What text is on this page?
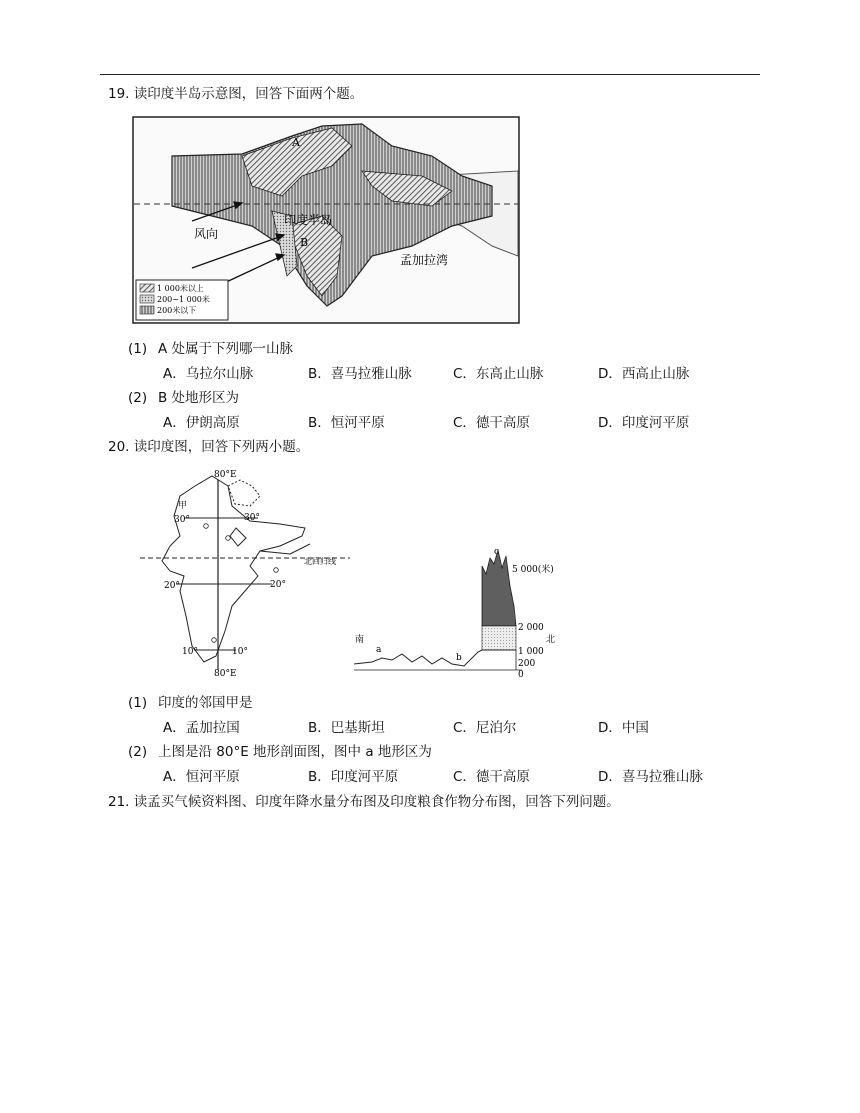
19. 读印度半岛示意图，回答下面两个题。
风向
印度半岛
孟加拉湾
A
B
1 000米以上
200~1 000米
200米以下
(1) A 处属于下列哪一山脉
A．乌拉尔山脉	B．喜马拉雅山脉	C．东高止山脉	D．西高止山脉
(2) B 处地形区为
A．伊朗高原	B．恒河平原	C．德干高原	D．印度河平原
20. 读印度图，回答下列两小题。
80°E
80°E
30°	30°
20°	20°
10°	10°
甲
北回归线
南	北
a
b
c
5 000(米)
2 000
1 000
200
0
(1) 印度的邻国甲是
A．孟加拉国	B．巴基斯坦	C．尼泊尔	D．中国
(2) 上图是沿 80°E 地形剖面图，图中 a 地形区为
A．恒河平原	B．印度河平原	C．德干高原	D．喜马拉雅山脉
21. 读孟买气候资料图、印度年降水量分布图及印度粮食作物分布图，回答下列问题。
